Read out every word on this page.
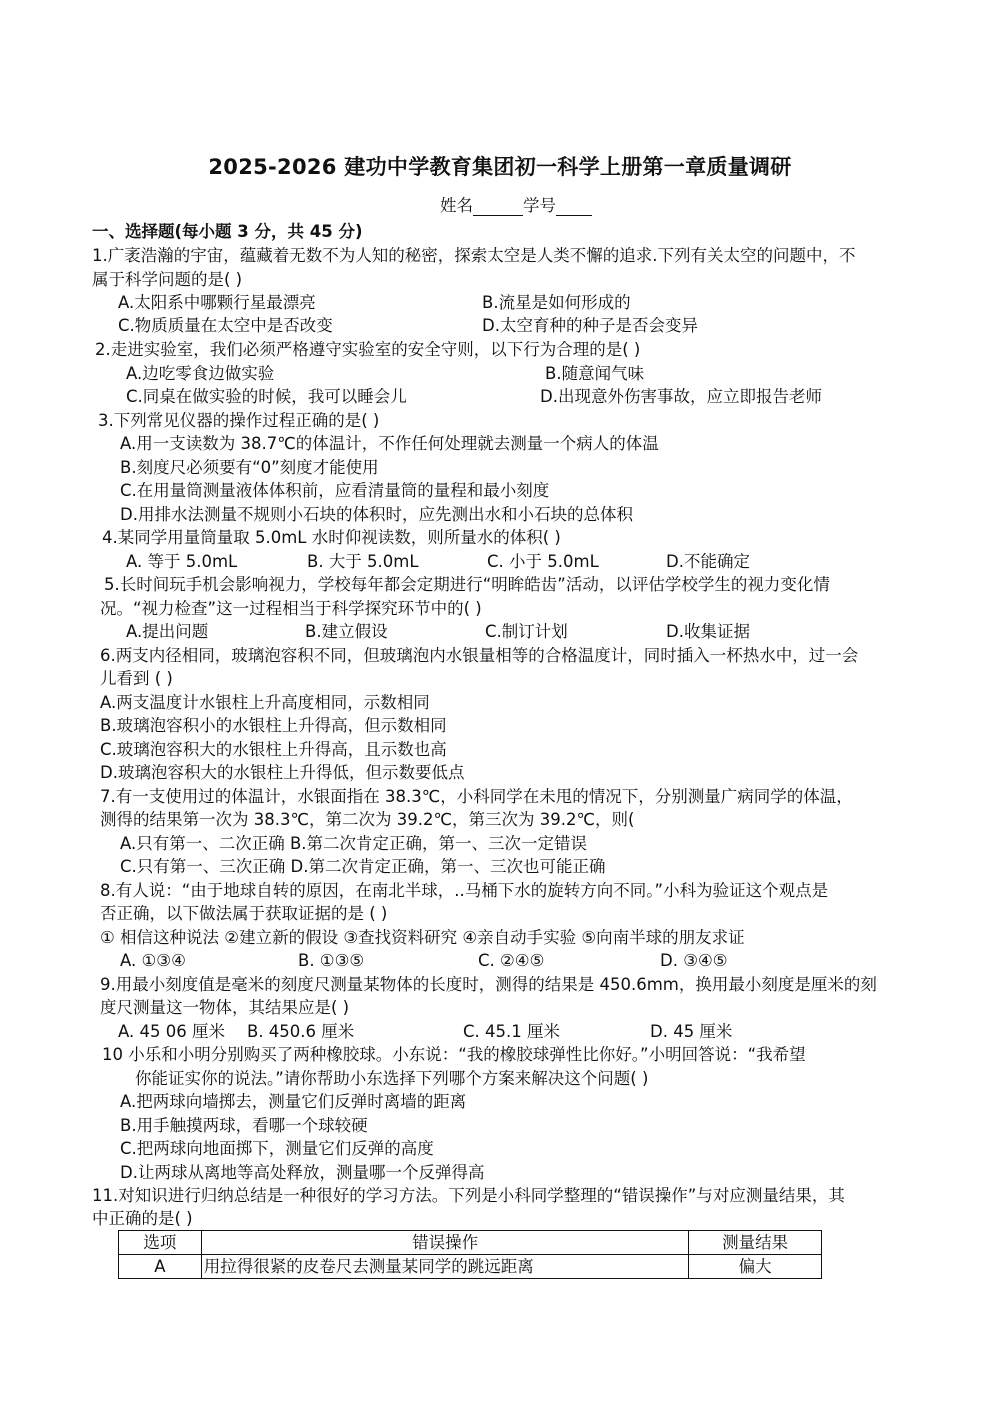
2025-2026 建功中学教育集团初一科学上册第一章质量调研
姓名	学号
一、选择题(每小题 3 分，共 45 分)
1.广袤浩瀚的宇宙，蕴藏着无数不为人知的秘密，探索太空是人类不懈的追求.下列有关太空的问题中，不
属于科学问题的是( )
A.太阳系中哪颗行星最漂亮	B.流星是如何形成的
C.物质质量在太空中是否改变	D.太空育种的种子是否会变异
2.走进实验室，我们必须严格遵守实验室的安全守则，以下行为合理的是( )
A.边吃零食边做实验	B.随意闻气味
C.同桌在做实验的时候，我可以睡会儿	D.出现意外伤害事故，应立即报告老师
3.下列常见仪器的操作过程正确的是( )
A.用一支读数为 38.7℃的体温计，不作任何处理就去测量一个病人的体温
B.刻度尺必须要有“0”刻度才能使用
C.在用量筒测量液体体积前，应看清量筒的量程和最小刻度
D.用排水法测量不规则小石块的体积时，应先测出水和小石块的总体积
4.某同学用量筒量取 5.0mL 水时仰视读数，则所量水的体积( )
A. 等于 5.0mL	B. 大于 5.0mL	C. 小于 5.0mL	D.不能确定
5.长时间玩手机会影响视力，学校每年都会定期进行“明眸皓齿”活动，以评估学校学生的视力变化情
况。“视力检查”这一过程相当于科学探究环节中的( )
A.提出问题	B.建立假设	C.制订计划	D.收集证据
6.两支内径相同，玻璃泡容积不同，但玻璃泡内水银量相等的合格温度计，同时插入一杯热水中，过一会
儿看到 ( )
A.两支温度计水银柱上升高度相同，示数相同
B.玻璃泡容积小的水银柱上升得高，但示数相同
C.玻璃泡容积大的水银柱上升得高，且示数也高
D.玻璃泡容积大的水银柱上升得低，但示数要低点
7.有一支使用过的体温计，水银面指在 38.3℃，小科同学在未甩的情况下，分别测量广病同学的体温，
测得的结果第一次为 38.3℃，第二次为 39.2℃，第三次为 39.2℃，则(
A.只有第一、二次正确 B.第二次肯定正确，第一、三次一定错误
C.只有第一、三次正确 D.第二次肯定正确，第一、三次也可能正确
8.有人说：“由于地球自转的原因，在南北半球，..马桶下水的旋转方向不同。”小科为验证这个观点是
否正确，以下做法属于获取证据的是 ( )
① 相信这种说法 ②建立新的假设 ③查找资料研究 ④亲自动手实验 ⑤向南半球的朋友求证
A. ①③④	B. ①③⑤	C. ②④⑤	D. ③④⑤
9.用最小刻度值是毫米的刻度尺测量某物体的长度时，测得的结果是 450.6mm，换用最小刻度是厘米的刻
度尺测量这一物体，其结果应是( )
A. 45 06 厘米 B. 450.6 厘米	C. 45.1 厘米	D. 45 厘米
10 小乐和小明分别购买了两种橡胶球。小东说：“我的橡胶球弹性比你好。”小明回答说：“我希望
你能证实你的说法。”请你帮助小东选择下列哪个方案来解决这个问题( )
A.把两球向墙掷去，测量它们反弹时离墙的距离
B.用手触摸两球，看哪一个球较硬
C.把两球向地面掷下，测量它们反弹的高度
D.让两球从离地等高处释放，测量哪一个反弹得高
11.对知识进行归纳总结是一种很好的学习方法。下列是小科同学整理的“错误操作”与对应测量结果，其
中正确的是( )
选项	错误操作	测量结果
A	用拉得很紧的皮卷尺去测量某同学的跳远距离	偏大
